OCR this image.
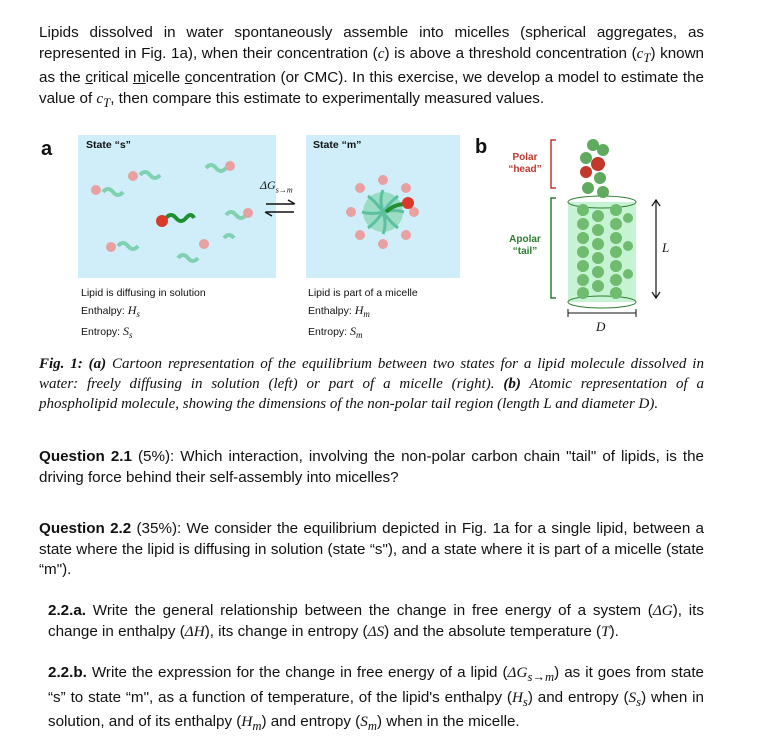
Lipids dissolved in water spontaneously assemble into micelles (spherical aggregates, as represented in Fig. 1a), when their concentration (c) is above a threshold concentration $(c_T)$ known as the critical micelle concentration (or CMC). In this exercise, we develop a model to estimate the value of $c_T$, then compare this estimate to experimentally measured values.
a	b
State “s”	State “m”
$\Delta G_{s\to m}$
Lipid is diffusing in solution
Enthalpy: $H_s$
Entropy: $S_s$
Lipid is part of a micelle
Enthalpy: $H_m$
Entropy: $S_m$
Polar
“head”
Apolar
“tail”	L
D
Fig. 1: (a) Cartoon representation of the equilibrium between two states for a lipid molecule dissolved in water: freely diffusing in solution (left) or part of a micelle (right). (b) Atomic representation of a phospholipid molecule, showing the dimensions of the non-polar tail region (length L and diameter D).
Question 2.1 (5%): Which interaction, involving the non-polar carbon chain "tail" of lipids, is the driving force behind their self-assembly into micelles?
Question 2.2 (35%): We consider the equilibrium depicted in Fig. 1a for a single lipid, between a state where the lipid is diffusing in solution (state “s"), and a state where it is part of a micelle (state “m").
2.2.a. Write the general relationship between the change in free energy of a system (ΔG), its change in enthalpy (ΔH), its change in entropy (ΔS) and the absolute temperature (T).
2.2.b. Write the expression for the change in free energy of a lipid $(\Delta G_{s\to m})$ as it goes from state “s” to state “m", as a function of temperature, of the lipid's enthalpy $(H_s)$ and entropy $(S_s)$ when in solution, and of its enthalpy $(H_m)$ and entropy $(S_m)$ when in the micelle.
